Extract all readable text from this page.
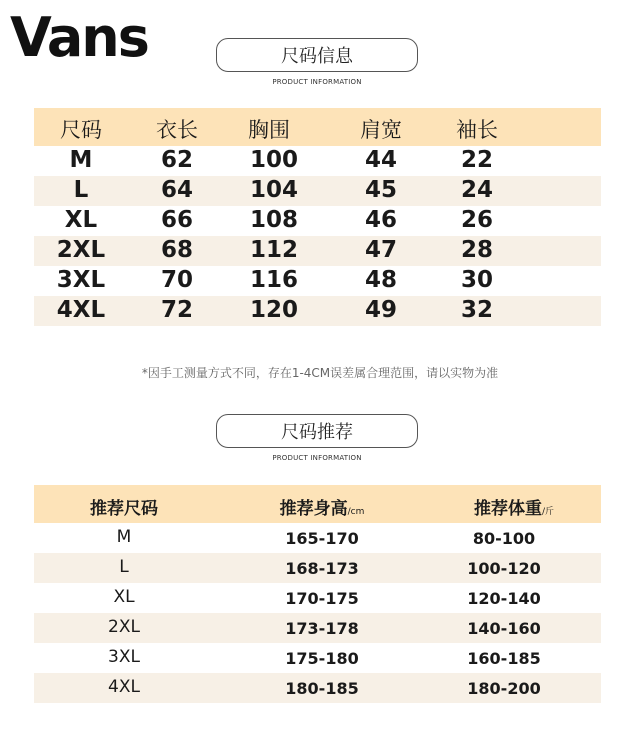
Vans	尺码信息
PRODUCT INFORMATION
尺码	衣长	胸围	肩宽	袖长
M	62	100	44	22
L	64	104	45	24
XL	66	108	46	26
2XL	68	112	47	28
3XL	70	116	48	30
4XL	72	120	49	32
*因手工测量方式不同，存在1-4CM误差属合理范围，请以实物为准
尺码推荐
PRODUCT INFORMATION
推荐尺码	推荐身高/cm	推荐体重/斤
M	165-170	80-100
L	168-173	100-120
XL	170-175	120-140
2XL	173-178	140-160
3XL	175-180	160-185
4XL	180-185	180-200
